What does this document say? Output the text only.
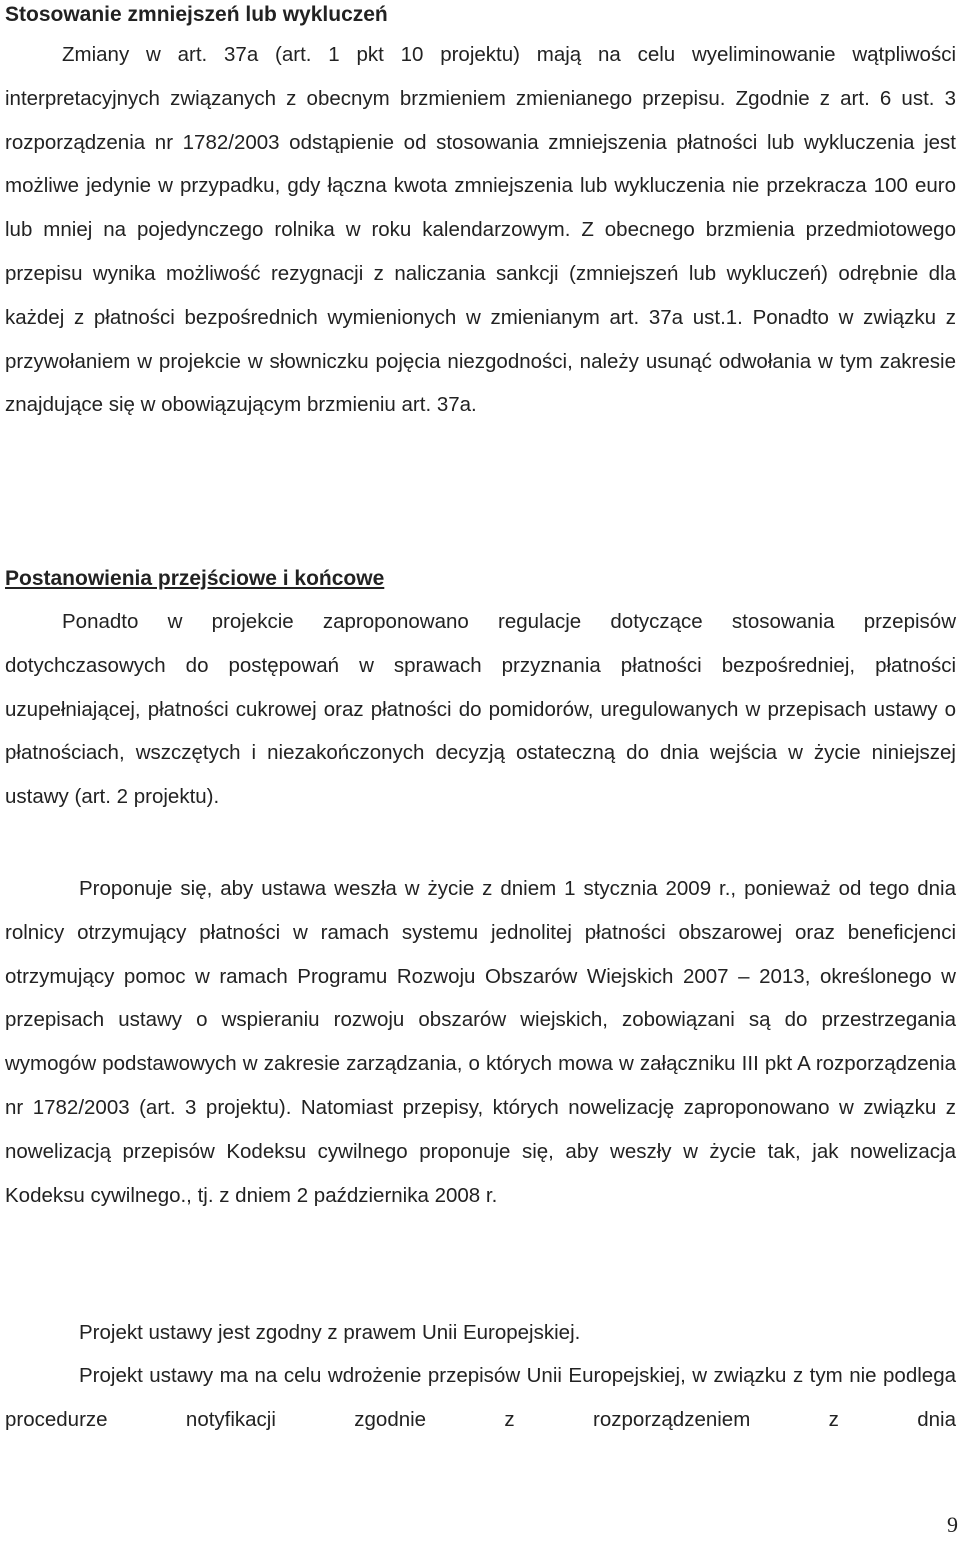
Stosowanie zmniejszeń lub wykluczeń

Zmiany w art. 37a (art. 1 pkt 10 projektu) mają na celu wyeliminowanie wątpliwości interpretacyjnych związanych z obecnym brzmieniem zmienianego przepisu. Zgodnie z art. 6 ust. 3 rozporządzenia nr 1782/2003 odstąpienie od stosowania zmniejszenia płatności lub wykluczenia jest możliwe jedynie w przypadku, gdy łączna kwota zmniejszenia lub wykluczenia nie przekracza 100 euro lub mniej na pojedynczego rolnika w roku kalendarzowym. Z obecnego brzmienia przedmiotowego przepisu wynika możliwość rezygnacji z naliczania sankcji (zmniejszeń lub wykluczeń) odrębnie dla każdej z płatności bezpośrednich wymienionych w zmienianym art. 37a ust.1. Ponadto w związku z przywołaniem w projekcie w słowniczku pojęcia niezgodności, należy usunąć odwołania w tym zakresie znajdujące się w obowiązującym brzmieniu art. 37a.

Postanowienia przejściowe i końcowe

Ponadto w projekcie zaproponowano regulacje dotyczące stosowania przepisów dotychczasowych do postępowań w sprawach przyznania płatności bezpośredniej, płatności uzupełniającej, płatności cukrowej oraz płatności do pomidorów, uregulowanych w przepisach ustawy o płatnościach, wszczętych i niezakończonych decyzją ostateczną do dnia wejścia w życie niniejszej ustawy (art. 2 projektu).

Proponuje się, aby ustawa weszła w życie z dniem 1 stycznia 2009 r., ponieważ od tego dnia rolnicy otrzymujący płatności w ramach systemu jednolitej płatności obszarowej oraz beneficjenci otrzymujący pomoc w ramach Programu Rozwoju Obszarów Wiejskich 2007 – 2013, określonego w przepisach ustawy o wspieraniu rozwoju obszarów wiejskich, zobowiązani są do przestrzegania wymogów podstawowych w zakresie zarządzania, o których mowa w załączniku III pkt A rozporządzenia nr 1782/2003 (art. 3 projektu). Natomiast przepisy, których nowelizację zaproponowano w związku z nowelizacją przepisów Kodeksu cywilnego proponuje się, aby weszły w życie tak, jak nowelizacja Kodeksu cywilnego., tj. z dniem 2 października 2008 r.

Projekt ustawy jest zgodny z prawem Unii Europejskiej.

Projekt ustawy ma na celu wdrożenie przepisów Unii Europejskiej, w związku z tym nie podlega procedurze notyfikacji zgodnie z rozporządzeniem z dnia

9
